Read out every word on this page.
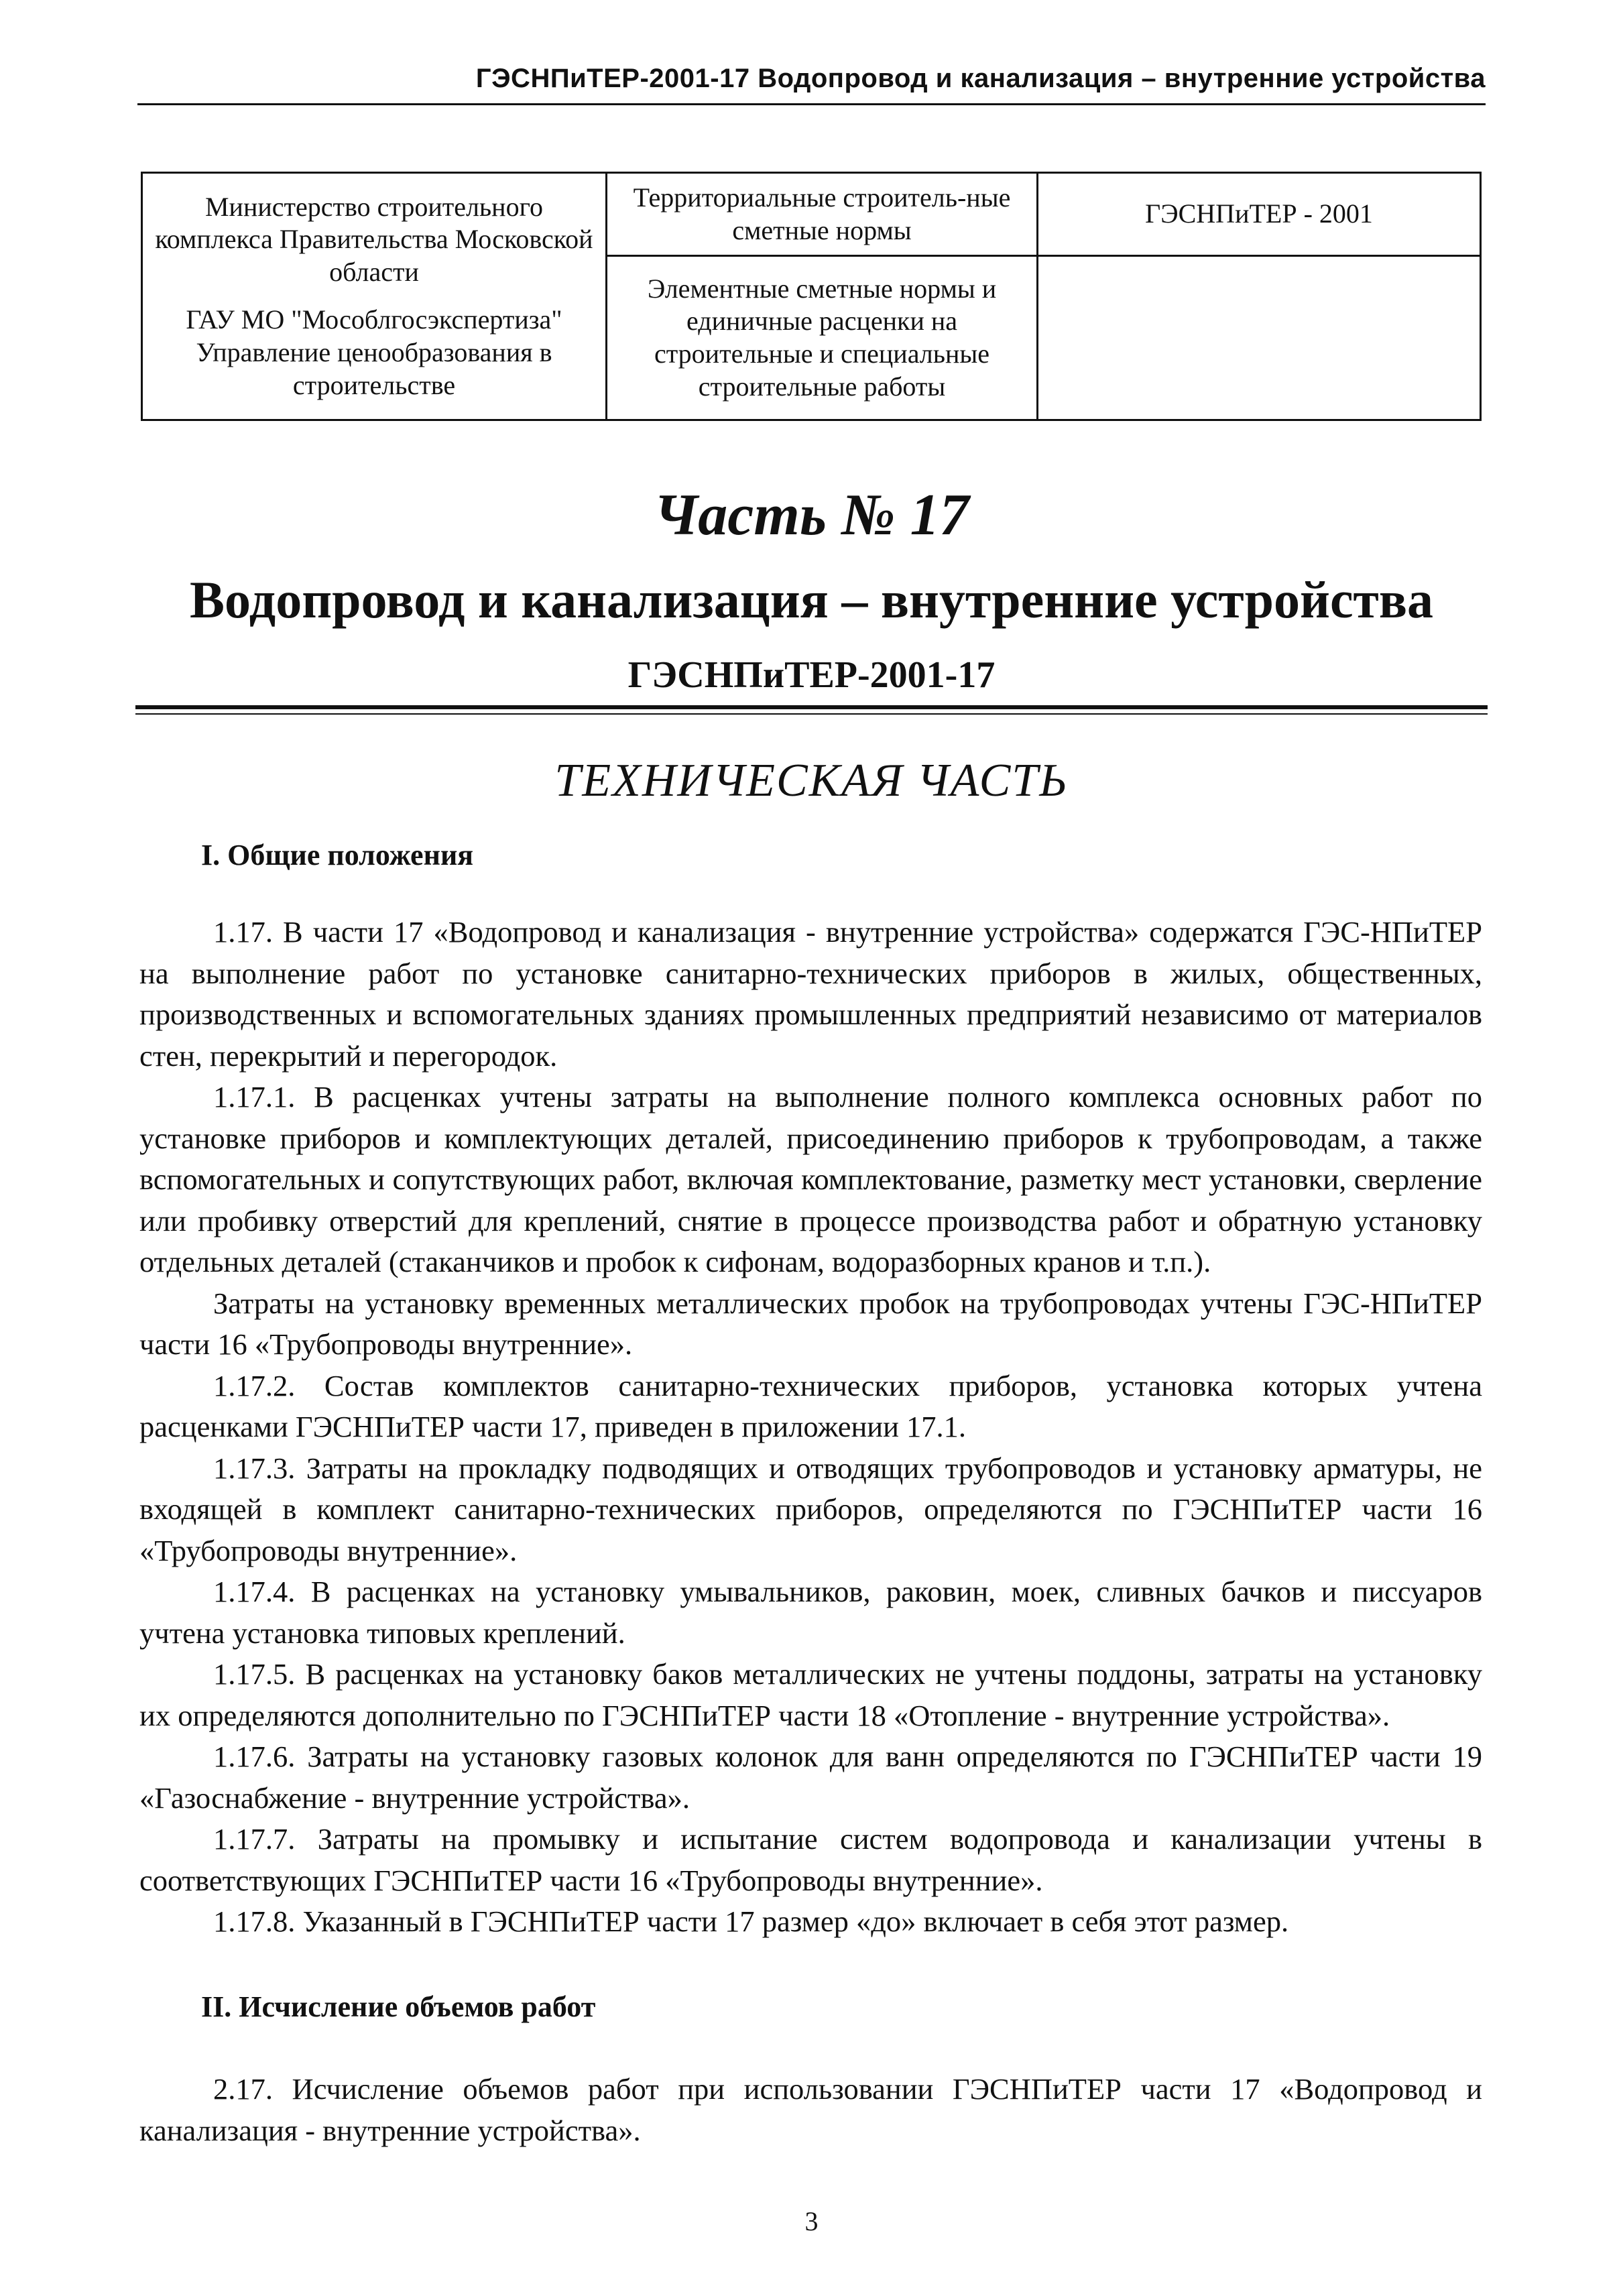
ГЭСНПиТЕР-2001-17 Водопровод и канализация – внутренние устройства
Министерство строительного комплекса Правительства Московской области
ГАУ МО "Мособлгосэкспертиза" Управление ценообразования в строительстве	Территориальные строитель-ные сметные нормы	ГЭСНПиТЕР - 2001
	Элементные сметные нормы и единичные расценки на строительные и специальные строительные работы	
Часть № 17
Водопровод и канализация – внутренние устройства
ГЭСНПиТЕР-2001-17
ТЕХНИЧЕСКАЯ ЧАСТЬ
I. Общие положения

1.17. В части 17 «Водопровод и канализация - внутренние устройства» содержатся ГЭС-НПиТЕР на выполнение работ по установке санитарно-технических приборов в жилых, общественных, производственных и вспомогательных зданиях промышленных предприятий независимо от материалов стен, перекрытий и перегородок.

1.17.1. В расценках учтены затраты на выполнение полного комплекса основных работ по установке приборов и комплектующих деталей, присоединению приборов к трубопроводам, а также вспомогательных и сопутствующих работ, включая комплектование, разметку мест установки, сверление или пробивку отверстий для креплений, снятие в процессе производства работ и обратную установку отдельных деталей (стаканчиков и пробок к сифонам, водоразборных кранов и т.п.).

Затраты на установку временных металлических пробок на трубопроводах учтены ГЭС-НПиТЕР части 16 «Трубопроводы внутренние».

1.17.2. Состав комплектов санитарно-технических приборов, установка которых учтена расценками ГЭСНПиТЕР части 17, приведен в приложении 17.1.

1.17.3. Затраты на прокладку подводящих и отводящих трубопроводов и установку арматуры, не входящей в комплект санитарно-технических приборов, определяются по ГЭСНПиТЕР части 16 «Трубопроводы внутренние».

1.17.4. В расценках на установку умывальников, раковин, моек, сливных бачков и писсуаров учтена установка типовых креплений.

1.17.5. В расценках на установку баков металлических не учтены поддоны, затраты на установку их определяются дополнительно по ГЭСНПиТЕР части 18 «Отопление - внутренние устройства».

1.17.6. Затраты на установку газовых колонок для ванн определяются по ГЭСНПиТЕР части 19 «Газоснабжение - внутренние устройства».

1.17.7. Затраты на промывку и испытание систем водопровода и канализации учтены в соответствующих ГЭСНПиТЕР части 16 «Трубопроводы внутренние».

1.17.8. Указанный в ГЭСНПиТЕР части 17 размер «до» включает в себя этот размер.

II. Исчисление объемов работ

2.17. Исчисление объемов работ при использовании ГЭСНПиТЕР части 17 «Водопровод и канализация - внутренние устройства».

3
